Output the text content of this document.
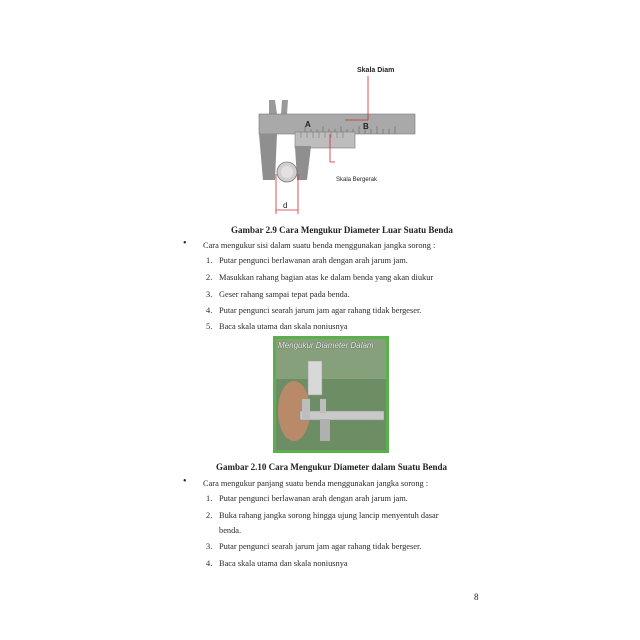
Skala Diam
A	B
Skala Bergerak
d
Gambar 2.9 Cara Mengukur Diameter Luar Suatu Benda
• Cara mengukur sisi dalam suatu benda menggunakan jangka sorong :
1. Putar pengunci berlawanan arah dengan arah jarum jam.
2. Masukkan rahang bagian atas ke dalam benda yang akan diukur
3. Geser rahang sampai tepat pada benda.
4. Putar pengunci searah jarum jam agar rahang tidak bergeser.
5. Baca skala utama dan skala noniusnya
Mengukur Diameter Dalam
Gambar 2.10 Cara Mengukur Diameter dalam Suatu Benda
• Cara mengukur panjang suatu benda menggunakan jangka sorong :
1. Putar pengunci berlawanan arah dengan arah jarum jam.
2. Buka rahang jangka sorong hingga ujung lancip menyentuh dasar
benda.
3. Putar pengunci searah jarum jam agar rahang tidak bergeser.
4. Baca skala utama dan skala noniusnya
8
